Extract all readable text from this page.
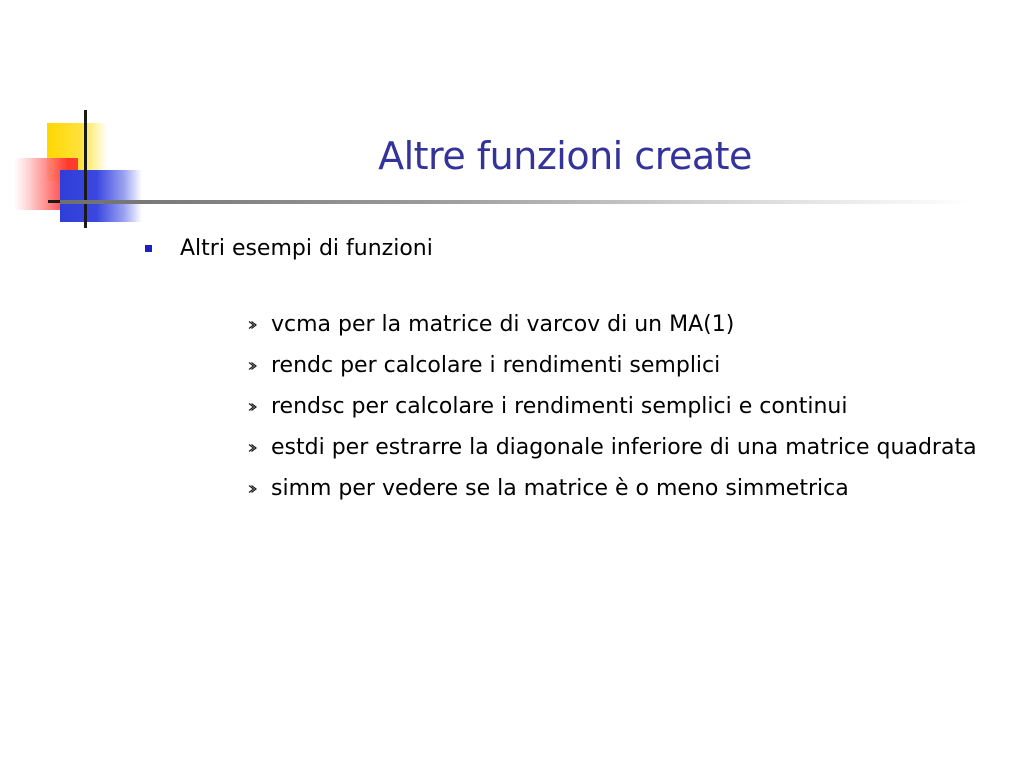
Altre funzioni create
Altri esempi di funzioni
vcma per la matrice di varcov di un MA(1)
rendc per calcolare i rendimenti semplici
rendsc per calcolare i rendimenti semplici e continui
estdi per estrarre la diagonale inferiore di una matrice quadrata
simm per vedere se la matrice è o meno simmetrica
